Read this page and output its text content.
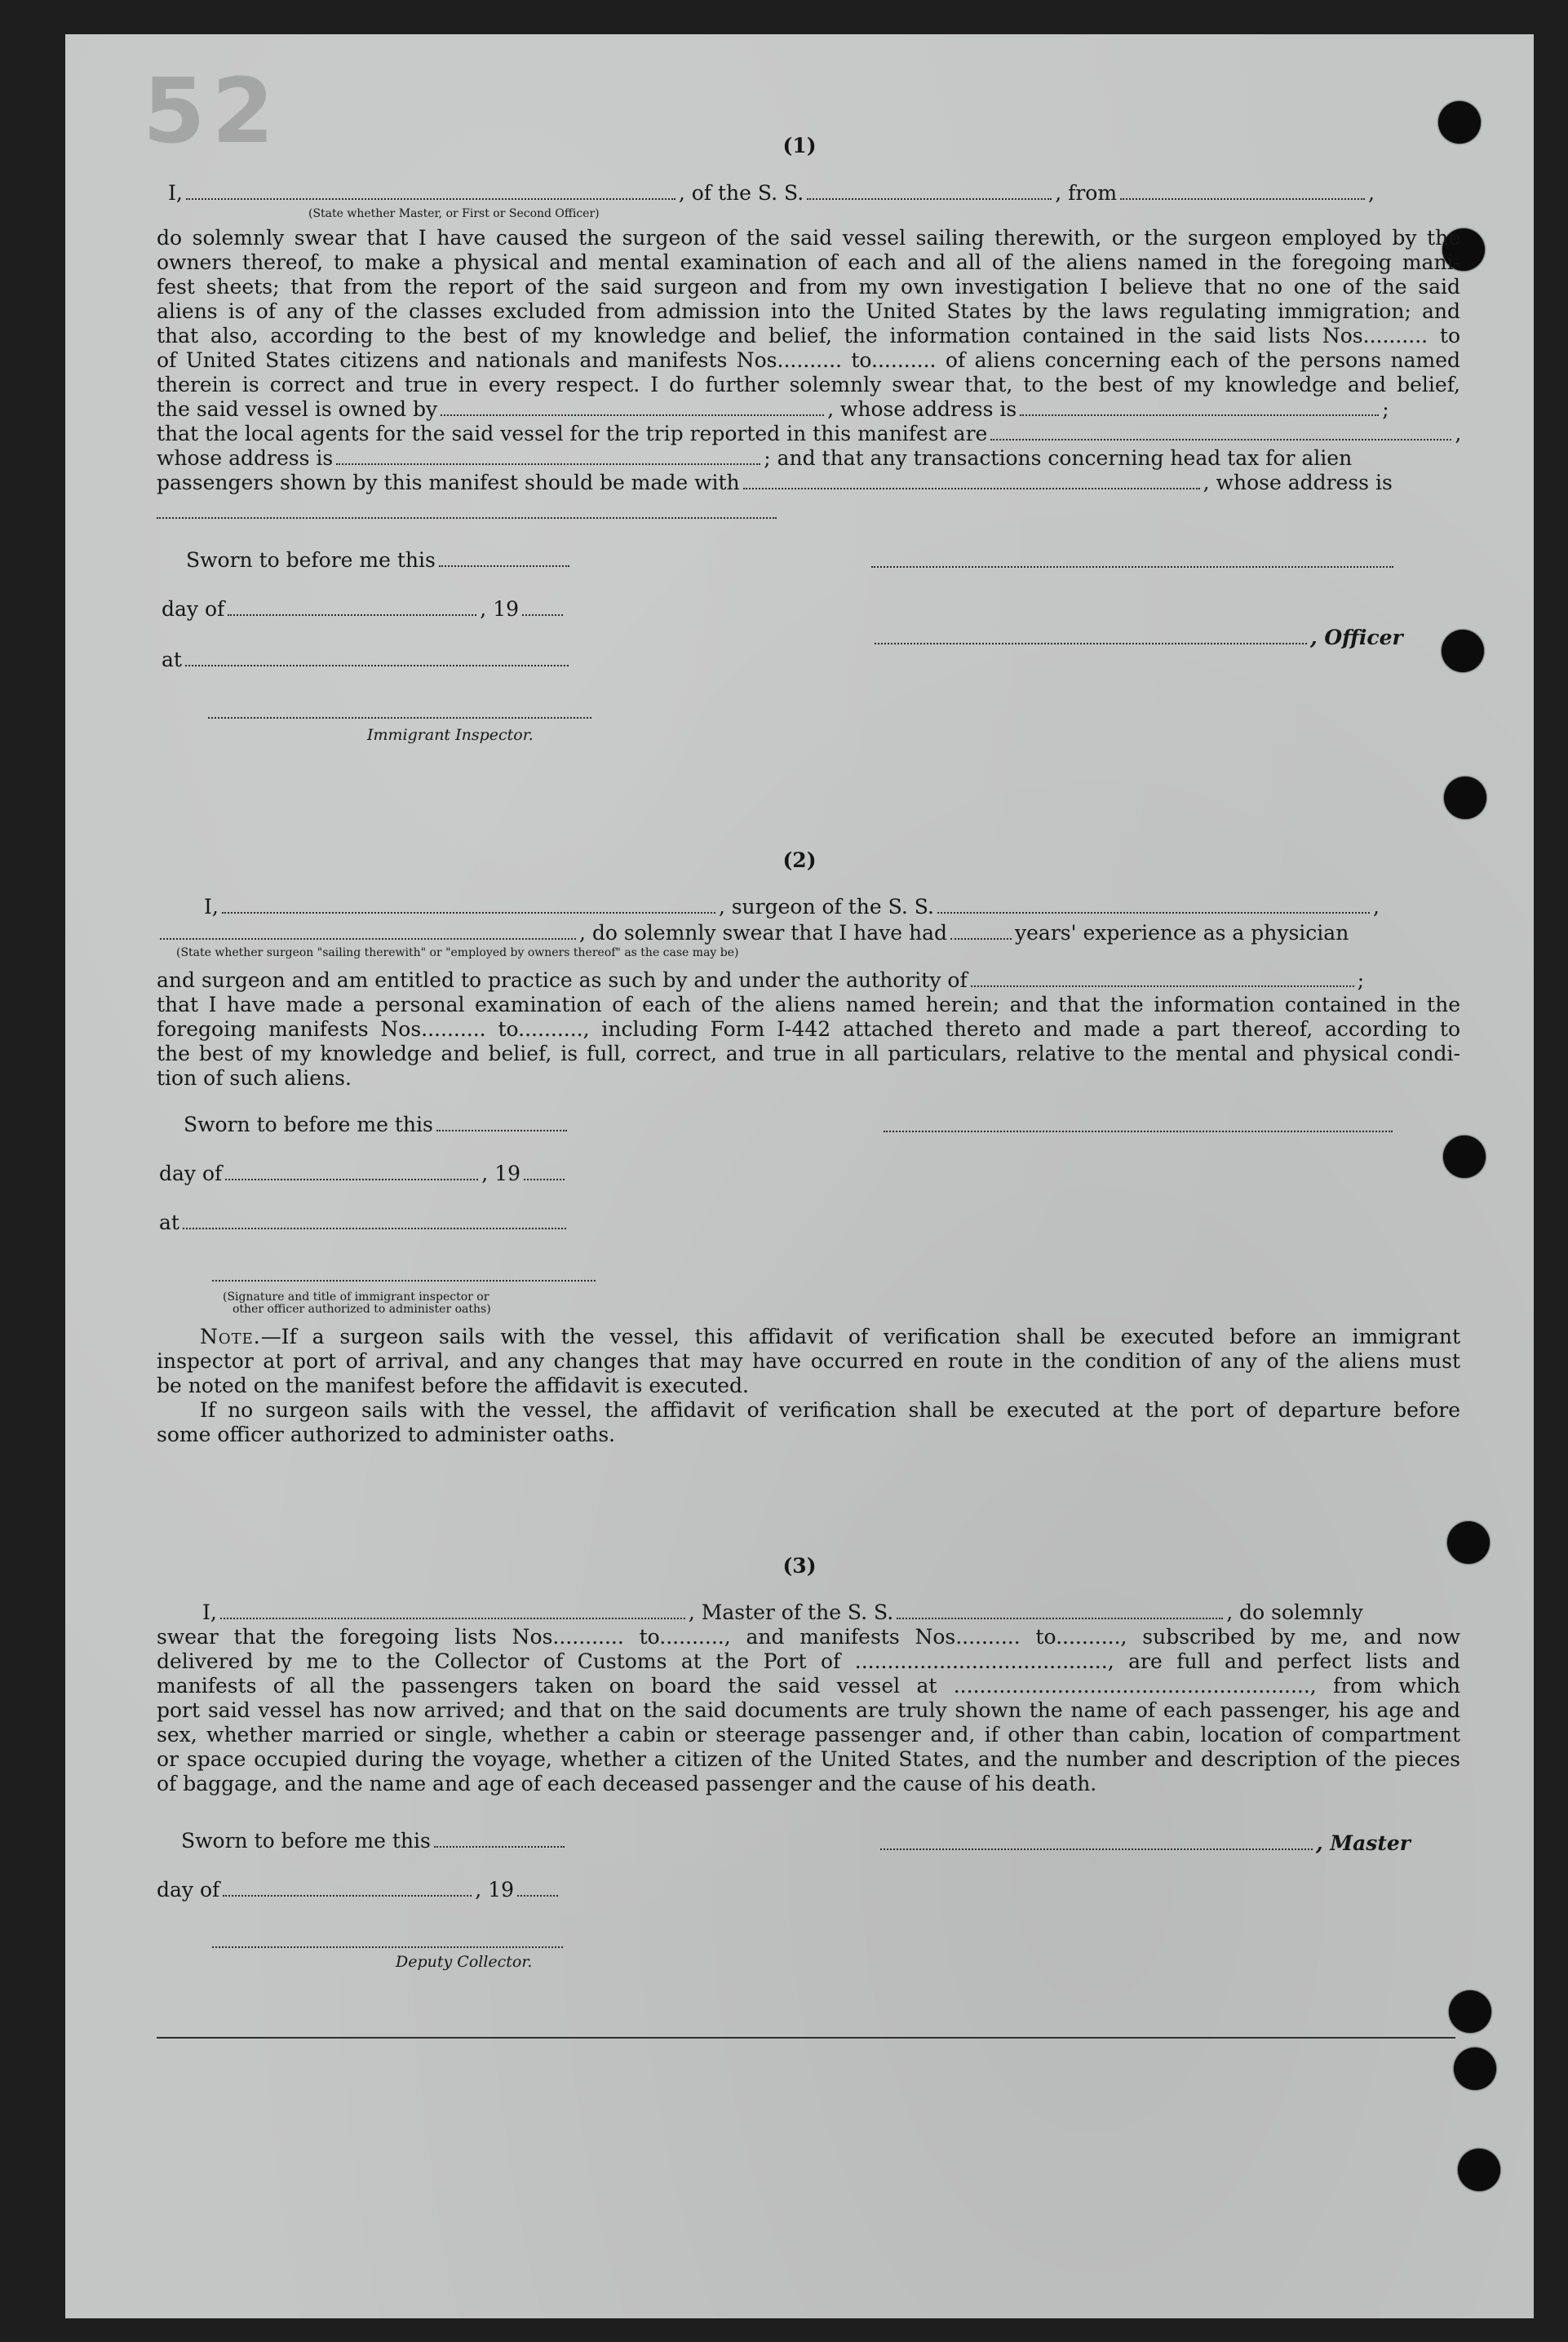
52	(1)
I,	, of the S. S.	, from	,
(State whether Master, or First or Second Officer)
do solemnly swear that I have caused the surgeon of the said vessel sailing therewith, or the surgeon employed by the
owners thereof, to make a physical and mental examination of each and all of the aliens named in the foregoing mani-
fest sheets; that from the report of the said surgeon and from my own investigation I believe that no one of the said
aliens is of any of the classes excluded from admission into the United States by the laws regulating immigration; and
that also, according to the best of my knowledge and belief, the information contained in the said lists Nos.......... to
of United States citizens and nationals and manifests Nos.......... to.......... of aliens concerning each of the persons named
therein is correct and true in every respect. I do further solemnly swear that, to the best of my knowledge and belief,
the said vessel is owned by	, whose address is	;
that the local agents for the said vessel for the trip reported in this manifest are	,
whose address is	; and that any transactions concerning head tax for alien
passengers shown by this manifest should be made with	, whose address is
Sworn to before me this
day of	, 19
, Officer
at
Immigrant Inspector.
(2)
I,	, surgeon of the S. S.	,
, do solemnly swear that I have had	years' experience as a physician
(State whether surgeon "sailing therewith" or "employed by owners thereof" as the case may be)
and surgeon and am entitled to practice as such by and under the authority of	;
that I have made a personal examination of each of the aliens named herein; and that the information contained in the
foregoing manifests Nos.......... to.........., including Form I-442 attached thereto and made a part thereof, according to
the best of my knowledge and belief, is full, correct, and true in all particulars, relative to the mental and physical condi-
tion of such aliens.
Sworn to before me this
day of	, 19
at
(Signature and title of immigrant inspector or
other officer authorized to administer oaths)
Note.—If a surgeon sails with the vessel, this affidavit of verification shall be executed before an immigrant
inspector at port of arrival, and any changes that may have occurred en route in the condition of any of the aliens must
be noted on the manifest before the affidavit is executed.
If no surgeon sails with the vessel, the affidavit of verification shall be executed at the port of departure before
some officer authorized to administer oaths.
(3)
I,	, Master of the S. S.	, do solemnly
swear that the foregoing lists Nos........... to.........., and manifests Nos.......... to.........., subscribed by me, and now
delivered by me to the Collector of Customs at the Port of ......................................., are full and perfect lists and
manifests of all the passengers taken on board the said vessel at ......................................................., from which
port said vessel has now arrived; and that on the said documents are truly shown the name of each passenger, his age and
sex, whether married or single, whether a cabin or steerage passenger and, if other than cabin, location of compartment
or space occupied during the voyage, whether a citizen of the United States, and the number and description of the pieces
of baggage, and the name and age of each deceased passenger and the cause of his death.
Sworn to before me this	, Master
day of	, 19
Deputy Collector.
